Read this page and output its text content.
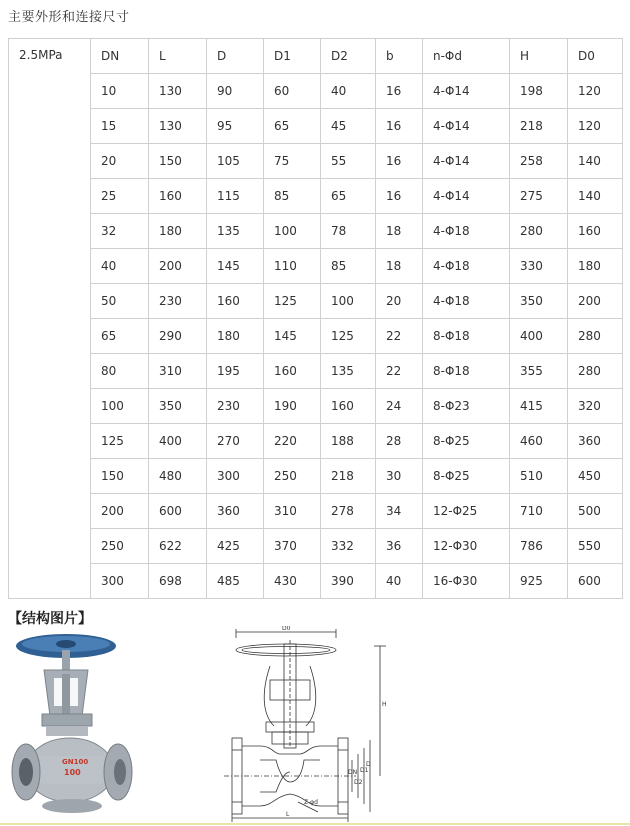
主要外形和连接尺寸
2.5MPa	DN	L	D	D1	D2	b	n-Φd	H	D0
	10	130	90	60	40	16	4-Φ14	198	120
	15	130	95	65	45	16	4-Φ14	218	120
	20	150	105	75	55	16	4-Φ14	258	140
	25	160	115	85	65	16	4-Φ14	275	140
	32	180	135	100	78	18	4-Φ18	280	160
	40	200	145	110	85	18	4-Φ18	330	180
	50	230	160	125	100	20	4-Φ18	350	200
	65	290	180	145	125	22	8-Φ18	400	280
	80	310	195	160	135	22	8-Φ18	355	280
	100	350	230	190	160	24	8-Φ23	415	320
	125	400	270	220	188	28	8-Φ25	460	360
	150	480	300	250	218	30	8-Φ25	510	450
	200	600	360	310	278	34	12-Φ25	710	500
	250	622	425	370	332	36	12-Φ30	786	550
	300	698	485	430	390	40	16-Φ30	925	600
【结构图片】
GN100
100
D0
H
DN
D2
D1
D
Z-φd
L
